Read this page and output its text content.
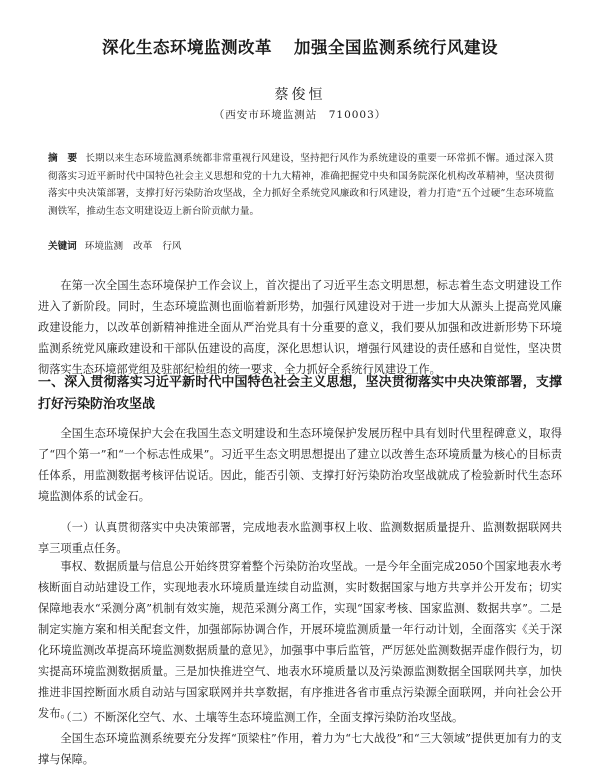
深化生态环境监测改革 加强全国监测系统行风建设
蔡俊恒
（西安市环境监测站　710003）
摘　要 长期以来生态环境监测系统都非常重视行风建设，坚持把行风作为系统建设的重要一环常抓不懈。通过深入贯彻落实习近平新时代中国特色社会主义思想和党的十九大精神，准确把握党中央和国务院深化机构改革精神，坚决贯彻落实中央决策部署，支撑打好污染防治攻坚战，全力抓好全系统党风廉政和行风建设，着力打造“五个过硬”生态环境监测铁军，推动生态文明建设迈上新台阶贡献力量。
关键词 环境监测 改革 行风
在第一次全国生态环境保护工作会议上，首次提出了习近平生态文明思想，标志着生态文明建设工作进入了新阶段。同时，生态环境监测也面临着新形势，加强行风建设对于进一步加大从源头上提高党风廉政建设能力，以改革创新精神推进全面从严治党具有十分重要的意义，我们要从加强和改进新形势下环境监测系统党风廉政建设和干部队伍建设的高度，深化思想认识，增强行风建设的责任感和自觉性，坚决贯彻落实生态环境部党组及驻部纪检组的统一要求，全力抓好全系统行风建设工作。
一、深入贯彻落实习近平新时代中国特色社会主义思想，坚决贯彻落实中央决策部署，支撑打好污染防治攻坚战
全国生态环境保护大会在我国生态文明建设和生态环境保护发展历程中具有划时代里程碑意义，取得了“四个第一”和“一个标志性成果”。习近平生态文明思想提出了建立以改善生态环境质量为核心的目标责任体系，用监测数据考核评估说话。因此，能否引领、支撑打好污染防治攻坚战就成了检验新时代生态环境监测体系的试金石。
（一）认真贯彻落实中央决策部署，完成地表水监测事权上收、监测数据质量提升、监测数据联网共享三项重点任务。
事权、数据质量与信息公开始终贯穿着整个污染防治攻坚战。一是今年全面完成2050个国家地表水考核断面自动站建设工作，实现地表水环境质量连续自动监测，实时数据国家与地方共享并公开发布；切实保障地表水“采测分离”机制有效实施，规范采测分离工作，实现“国家考核、国家监测、数据共享”。二是制定实施方案和相关配套文件，加强部际协调合作，开展环境监测质量一年行动计划，全面落实《关于深化环境监测改革提高环境监测数据质量的意见》，加强事中事后监管，严厉惩处监测数据弄虚作假行为，切实提高环境监测数据质量。三是加快推进空气、地表水环境质量以及污染源监测数据全国联网共享，加快推进非国控断面水质自动站与国家联网并共享数据，有序推进各省市重点污染源全面联网，并向社会公开发布。
（二）不断深化空气、水、土壤等生态环境监测工作，全面支撑污染防治攻坚战。
全国生态环境监测系统要充分发挥“顶梁柱”作用，着力为“七大战役”和“三大领域”提供更加有力的支撑与保障。
